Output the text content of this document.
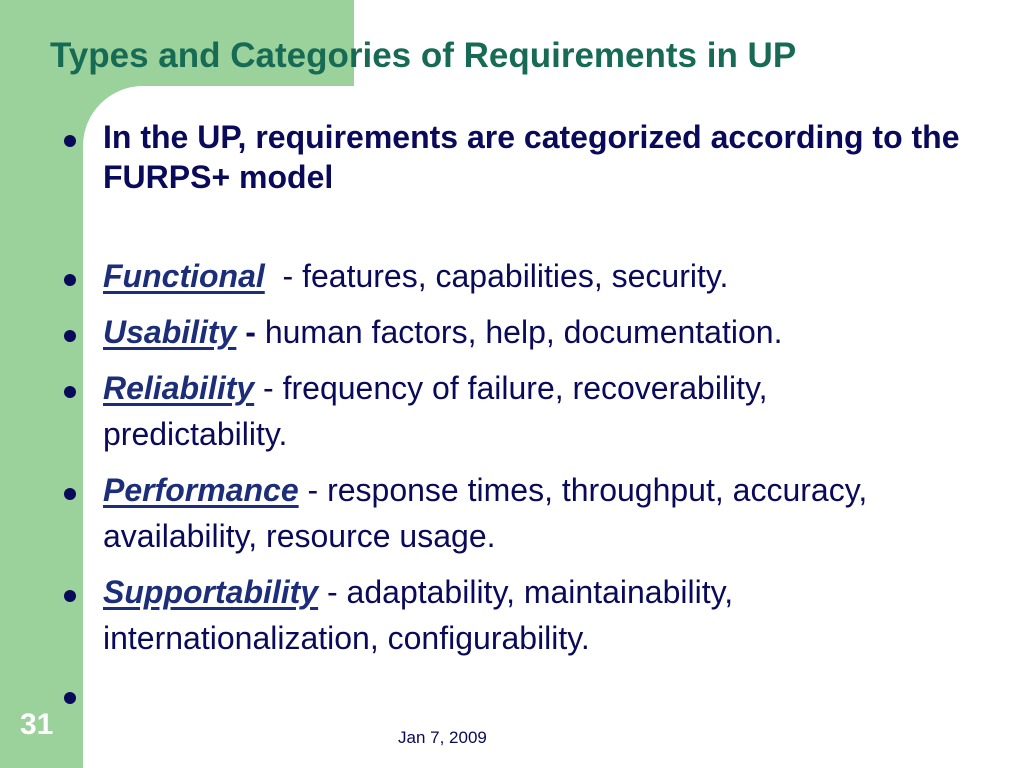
Types and Categories of Requirements in UP
In the UP, requirements are categorized according to the FURPS+ model
Functional  - features, capabilities, security.
Usability - human factors, help, documentation.
Reliability - frequency of failure, recoverability, predictability.
Performance - response times, throughput, accuracy, availability, resource usage.
Supportability - adaptability, maintainability, internationalization, configurability.
31	Jan 7, 2009
